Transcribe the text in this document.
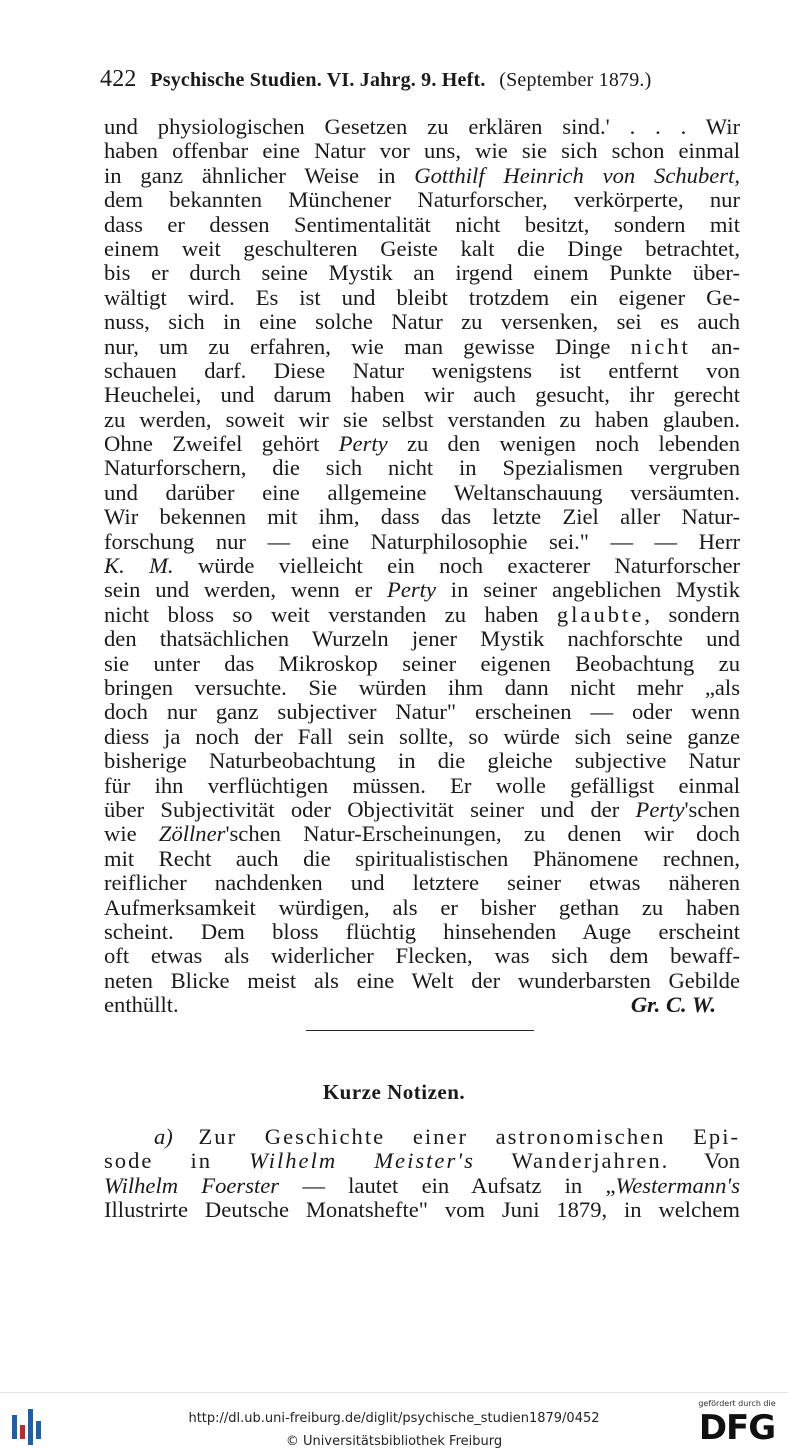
422 Psychische Studien. VI. Jahrg. 9. Heft. (September 1879.)
und physiologischen Gesetzen zu erklären sind.' . . . Wir
haben offenbar eine Natur vor uns, wie sie sich schon einmal
in ganz ähnlicher Weise in Gotthilf Heinrich von Schubert,
dem bekannten Münchener Naturforscher, verkörperte, nur
dass er dessen Sentimentalität nicht besitzt, sondern mit
einem weit geschulteren Geiste kalt die Dinge betrachtet,
bis er durch seine Mystik an irgend einem Punkte über-
wältigt wird. Es ist und bleibt trotzdem ein eigener Ge-
nuss, sich in eine solche Natur zu versenken, sei es auch
nur, um zu erfahren, wie man gewisse Dinge nicht an-
schauen darf. Diese Natur wenigstens ist entfernt von
Heuchelei, und darum haben wir auch gesucht, ihr gerecht
zu werden, soweit wir sie selbst verstanden zu haben glauben.
Ohne Zweifel gehört Perty zu den wenigen noch lebenden
Naturforschern, die sich nicht in Spezialismen vergruben
und darüber eine allgemeine Weltanschauung versäumten.
Wir bekennen mit ihm, dass das letzte Ziel aller Natur-
forschung nur — eine Naturphilosophie sei." — — Herr
K. M. würde vielleicht ein noch exacterer Naturforscher
sein und werden, wenn er Perty in seiner angeblichen Mystik
nicht bloss so weit verstanden zu haben glaubte, sondern
den thatsächlichen Wurzeln jener Mystik nachforschte und
sie unter das Mikroskop seiner eigenen Beobachtung zu
bringen versuchte. Sie würden ihm dann nicht mehr „als
doch nur ganz subjectiver Natur" erscheinen — oder wenn
diess ja noch der Fall sein sollte, so würde sich seine ganze
bisherige Naturbeobachtung in die gleiche subjective Natur
für ihn verflüchtigen müssen. Er wolle gefälligst einmal
über Subjectivität oder Objectivität seiner und der Perty'schen
wie Zöllner'schen Natur-Erscheinungen, zu denen wir doch
mit Recht auch die spiritualistischen Phänomene rechnen,
reiflicher nachdenken und letztere seiner etwas näheren
Aufmerksamkeit würdigen, als er bisher gethan zu haben
scheint. Dem bloss flüchtig hinsehenden Auge erscheint
oft etwas als widerlicher Flecken, was sich dem bewaff-
neten Blicke meist als eine Welt der wunderbarsten Gebilde
enthüllt.	Gr. C. W.
Kurze Notizen.
a) Zur Geschichte einer astronomischen Epi-
sode in Wilhelm Meister's Wanderjahren. Von
Wilhelm Foerster — lautet ein Aufsatz in „Westermann's
Illustrirte Deutsche Monatshefte" vom Juni 1879, in welchem
http://dl.ub.uni-freiburg.de/diglit/psychische_studien1879/0452
© Universitätsbibliothek Freiburg
gefördert durch die
DFG
